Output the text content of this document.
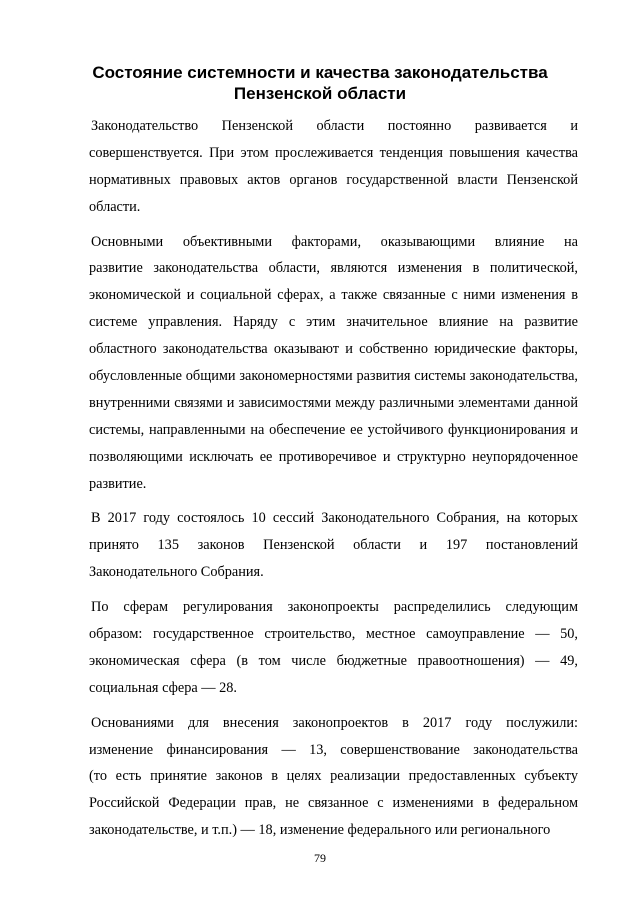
Состояние системности и качества законодательства
Пензенской области
Законодательство Пензенской области постоянно развивается и
совершенствуется. При этом прослеживается тенденция повышения качества
нормативных правовых актов органов государственной власти Пензенской
области.
Основными объективными факторами, оказывающими влияние на
развитие законодательства области, являются изменения в политической,
экономической и социальной сферах, а также связанные с ними изменения в
системе управления. Наряду с этим значительное влияние на развитие
областного законодательства оказывают и собственно юридические факторы,
обусловленные общими закономерностями развития системы законодательства,
внутренними связями и зависимостями между различными элементами данной
системы, направленными на обеспечение ее устойчивого функционирования и
позволяющими исключать ее противоречивое и структурно неупорядоченное
развитие.
В 2017 году состоялось 10 сессий Законодательного Собрания, на которых
принято 135 законов Пензенской области и 197 постановлений
Законодательного Собрания.
По сферам регулирования законопроекты распределились следующим
образом: государственное строительство, местное самоуправление — 50,
экономическая сфера (в том числе бюджетные правоотношения) — 49,
социальная сфера — 28.
Основаниями для внесения законопроектов в 2017 году послужили:
изменение финансирования — 13, совершенствование законодательства
(то есть принятие законов в целях реализации предоставленных субъекту
Российской Федерации прав, не связанное с изменениями в федеральном
законодательстве, и т.п.) — 18, изменение федерального или регионального
79
